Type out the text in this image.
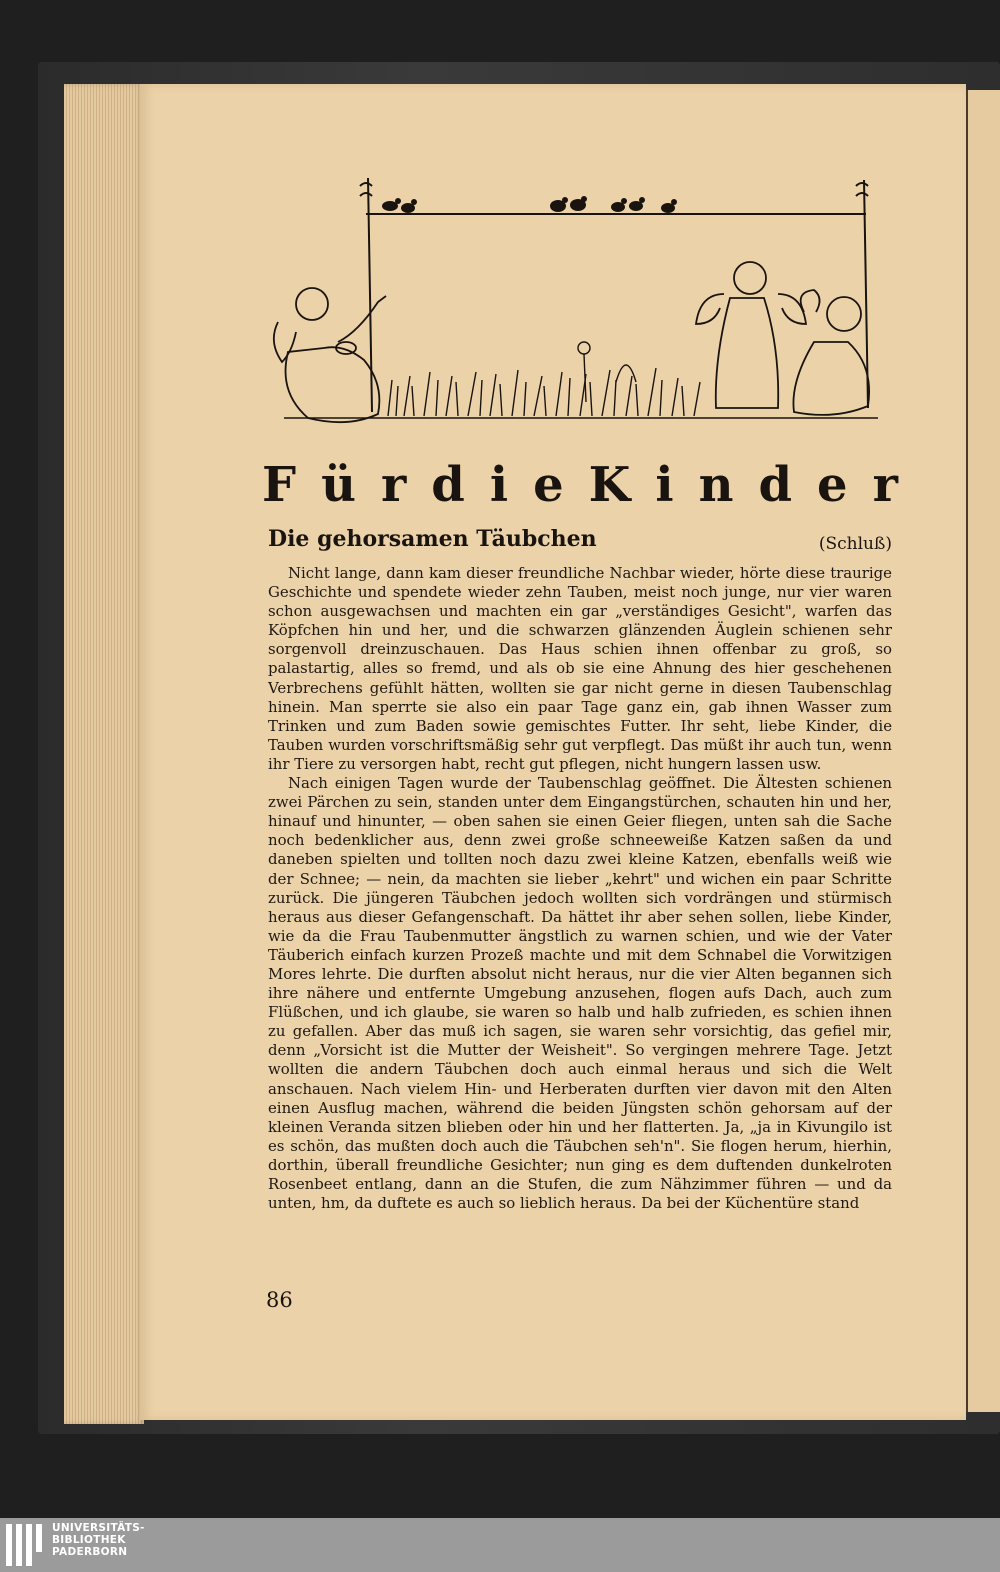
F ü r d i e K i n d e r
Die gehorsamen Täubchen	(Schluß)

Nicht lange, dann kam dieser freundliche Nachbar wieder, hörte diese traurige Geschichte und spendete wieder zehn Tauben, meist noch junge, nur vier waren schon ausgewachsen und machten ein gar „verständiges Gesicht", warfen das Köpfchen hin und her, und die schwarzen glänzenden Äuglein schienen sehr sorgenvoll dreinzuschauen. Das Haus schien ihnen offenbar zu groß, so palastartig, alles so fremd, und als ob sie eine Ahnung des hier geschehenen Verbrechens gefühlt hätten, wollten sie gar nicht gerne in diesen Taubenschlag hinein. Man sperrte sie also ein paar Tage ganz ein, gab ihnen Wasser zum Trinken und zum Baden sowie gemischtes Futter. Ihr seht, liebe Kinder, die Tauben wurden vorschriftsmäßig sehr gut verpflegt. Das müßt ihr auch tun, wenn ihr Tiere zu versorgen habt, recht gut pflegen, nicht hungern lassen usw.

Nach einigen Tagen wurde der Taubenschlag geöffnet. Die Ältesten schienen zwei Pärchen zu sein, standen unter dem Eingangstürchen, schauten hin und her, hinauf und hinunter, — oben sahen sie einen Geier fliegen, unten sah die Sache noch bedenklicher aus, denn zwei große schneeweiße Katzen saßen da und daneben spielten und tollten noch dazu zwei kleine Katzen, ebenfalls weiß wie der Schnee; — nein, da machten sie lieber „kehrt" und wichen ein paar Schritte zurück. Die jüngeren Täubchen jedoch wollten sich vordrängen und stürmisch heraus aus dieser Gefangenschaft. Da hättet ihr aber sehen sollen, liebe Kinder, wie da die Frau Taubenmutter ängstlich zu warnen schien, und wie der Vater Täuberich einfach kurzen Prozeß machte und mit dem Schnabel die Vorwitzigen Mores lehrte. Die durften absolut nicht heraus, nur die vier Alten begannen sich ihre nähere und entfernte Umgebung anzusehen, flogen aufs Dach, auch zum Flüßchen, und ich glaube, sie waren so halb und halb zufrieden, es schien ihnen zu gefallen. Aber das muß ich sagen, sie waren sehr vorsichtig, das gefiel mir, denn „Vorsicht ist die Mutter der Weisheit". So vergingen mehrere Tage. Jetzt wollten die andern Täubchen doch auch einmal heraus und sich die Welt anschauen. Nach vielem Hin- und Herberaten durften vier davon mit den Alten einen Ausflug machen, während die beiden Jüngsten schön gehorsam auf der kleinen Veranda sitzen blieben oder hin und her flatterten. Ja, „ja in Kivungilo ist es schön, das mußten doch auch die Täubchen seh'n". Sie flogen herum, hierhin, dorthin, überall freundliche Gesichter; nun ging es dem duftenden dunkelroten Rosenbeet entlang, dann an die Stufen, die zum Nähzimmer führen — und da unten, hm, da duftete es auch so lieblich heraus. Da bei der Küchentüre stand

86
UNIVERSITÄTS-
BIBLIOTHEK
PADERBORN
